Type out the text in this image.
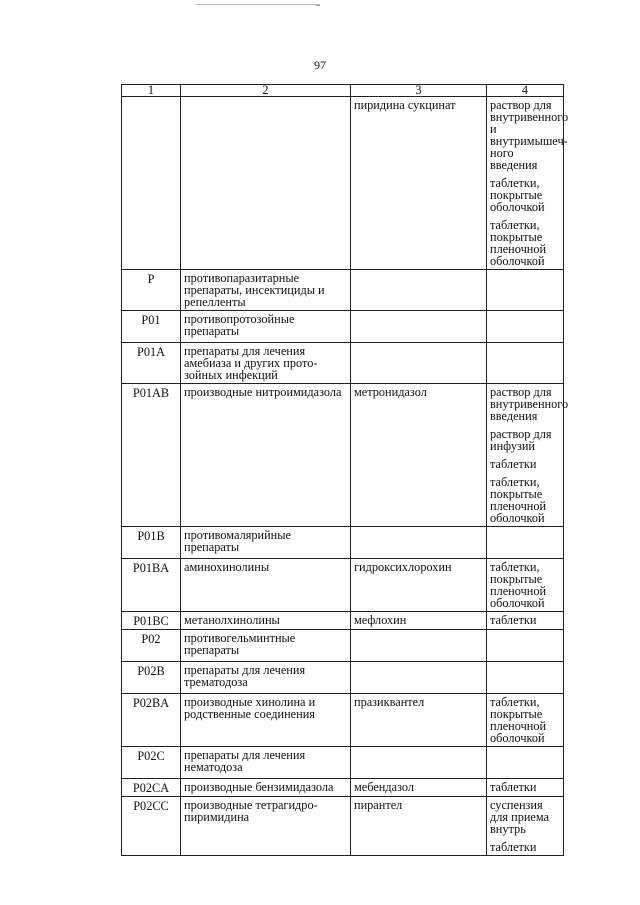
97
1	2	3	4
		пиридина сукцинат	раствор для внутривенного и внутримышеч-ного введения
таблетки, покрытые оболочкой
таблетки, покрытые пленочной оболочкой

P	противопаразитарные препараты, инсектициды и репелленты		
P01	противопротозойные препараты		
P01A	препараты для лечения амебиаза и других прото-зойных инфекций		
P01AB	производные нитроимидазола	метронидазол	раствор для внутривенного введения
раствор для инфузий
таблетки
таблетки, покрытые пленочной оболочкой

P01B	противомалярийные препараты		
P01BA	аминохинолины	гидроксихлорохин	таблетки, покрытые пленочной оболочкой

P01BC	метанолхинолины	мефлохин	таблетки

P02	противогельминтные препараты		
P02B	препараты для лечения трематодоза		
P02BA	производные хинолина и родственные соединения	празиквантел	таблетки, покрытые пленочной оболочкой

P02C	препараты для лечения нематодоза		
P02CA	производные бензимидазола	мебендазол	таблетки

P02CC	производные тетрагидро-пиримидина	пирантел	суспензия для приема внутрь
таблетки
